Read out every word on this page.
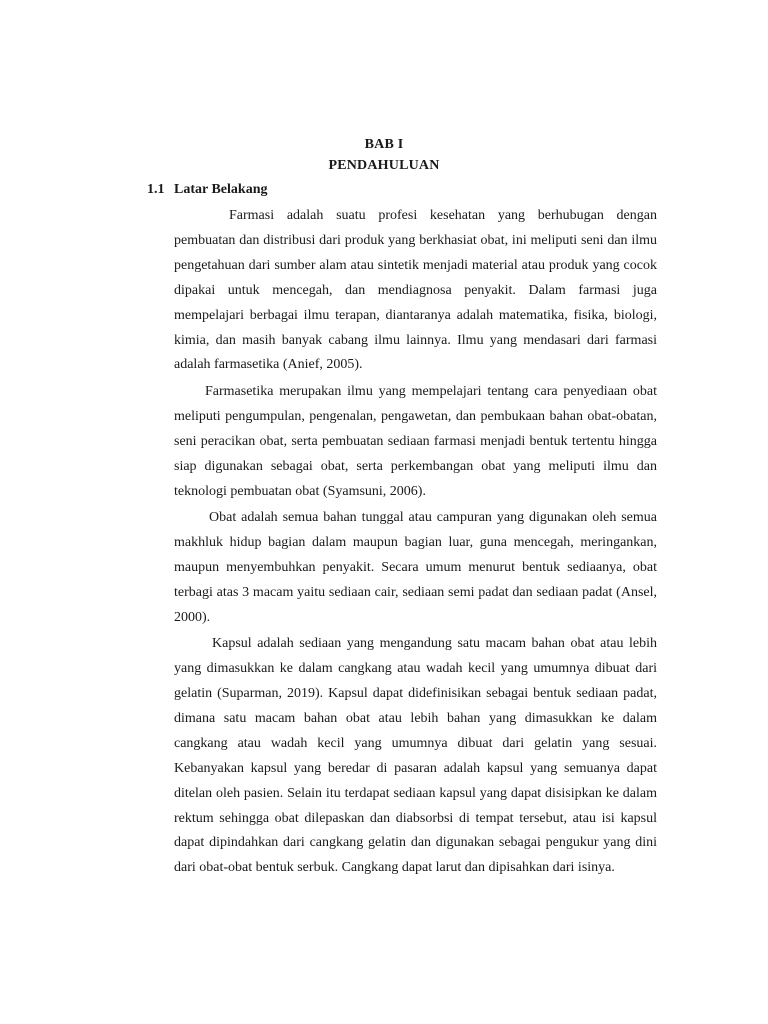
BAB I
PENDAHULUAN
1.1 Latar Belakang

Farmasi adalah suatu profesi kesehatan yang berhubugan dengan pembuatan dan distribusi dari produk yang berkhasiat obat, ini meliputi seni dan ilmu pengetahuan dari sumber alam atau sintetik menjadi material atau produk yang cocok dipakai untuk mencegah, dan mendiagnosa penyakit. Dalam farmasi juga mempelajari berbagai ilmu terapan, diantaranya adalah matematika, fisika, biologi, kimia, dan masih banyak cabang ilmu lainnya. Ilmu yang mendasari dari farmasi adalah farmasetika (Anief, 2005).

Farmasetika merupakan ilmu yang mempelajari tentang cara penyediaan obat meliputi pengumpulan, pengenalan, pengawetan, dan pembukaan bahan obat-obatan, seni peracikan obat, serta pembuatan sediaan farmasi menjadi bentuk tertentu hingga siap digunakan sebagai obat, serta perkembangan obat yang meliputi ilmu dan teknologi pembuatan obat (Syamsuni, 2006).

Obat adalah semua bahan tunggal atau campuran yang digunakan oleh semua makhluk hidup bagian dalam maupun bagian luar, guna mencegah, meringankan, maupun menyembuhkan penyakit. Secara umum menurut bentuk sediaanya, obat terbagi atas 3 macam yaitu sediaan cair, sediaan semi padat dan sediaan padat (Ansel, 2000).

Kapsul adalah sediaan yang mengandung satu macam bahan obat atau lebih yang dimasukkan ke dalam cangkang atau wadah kecil yang umumnya dibuat dari gelatin (Suparman, 2019). Kapsul dapat didefinisikan sebagai bentuk sediaan padat, dimana satu macam bahan obat atau lebih bahan yang dimasukkan ke dalam cangkang atau wadah kecil yang umumnya dibuat dari gelatin yang sesuai. Kebanyakan kapsul yang beredar di pasaran adalah kapsul yang semuanya dapat ditelan oleh pasien. Selain itu terdapat sediaan kapsul yang dapat disisipkan ke dalam rektum sehingga obat dilepaskan dan diabsorbsi di tempat tersebut, atau isi kapsul dapat dipindahkan dari cangkang gelatin dan digunakan sebagai pengukur yang dini dari obat-obat bentuk serbuk. Cangkang dapat larut dan dipisahkan dari isinya.
